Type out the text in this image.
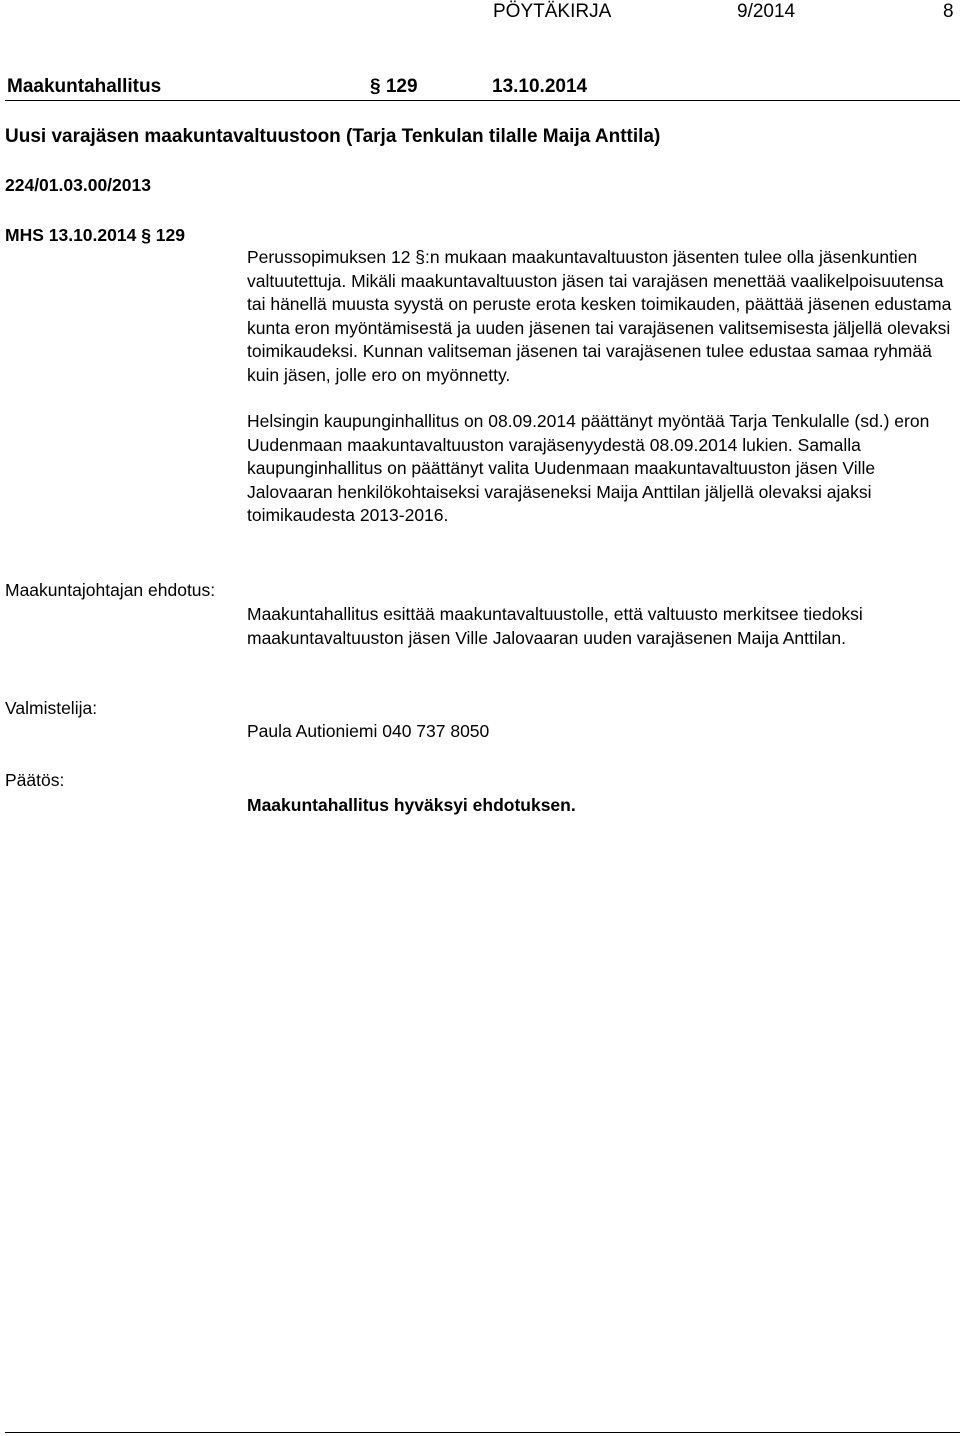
PÖYTÄKIRJA	9/2014	8
Maakuntahallitus	§ 129	13.10.2014
Uusi varajäsen maakuntavaltuustoon (Tarja Tenkulan tilalle Maija Anttila)
224/01.03.00/2013
MHS 13.10.2014 § 129

Perussopimuksen 12 §:n mukaan maakuntavaltuuston jäsenten tulee olla jäsenkuntien valtuutettuja. Mikäli maakuntavaltuuston jäsen tai varajäsen menettää vaalikelpoisuutensa tai hänellä muusta syystä on peruste erota kesken toimikauden, päättää jäsenen edustama kunta eron myöntämisestä ja uuden jäsenen tai varajäsenen valitsemisesta jäljellä olevaksi toimikaudeksi. Kunnan valitseman jäsenen tai varajäsenen tulee edustaa samaa ryhmää kuin jäsen, jolle ero on myönnetty.

Helsingin kaupunginhallitus on 08.09.2014 päättänyt myöntää Tarja Tenkulalle (sd.) eron Uudenmaan maakuntavaltuuston varajäsenyydestä 08.09.2014 lukien. Samalla kaupunginhallitus on päättänyt valita Uudenmaan maakuntavaltuuston jäsen Ville Jalovaaran henkilökohtaiseksi varajäseneksi Maija Anttilan jäljellä olevaksi ajaksi toimikaudesta 2013-2016.

Maakuntajohtajan ehdotus:
Maakuntahallitus esittää maakuntavaltuustolle, että valtuusto merkitsee tiedoksi maakuntavaltuuston jäsen Ville Jalovaaran uuden varajäsenen Maija Anttilan.
Valmistelija:
Paula Autioniemi 040 737 8050
Päätös:
Maakuntahallitus hyväksyi ehdotuksen.
